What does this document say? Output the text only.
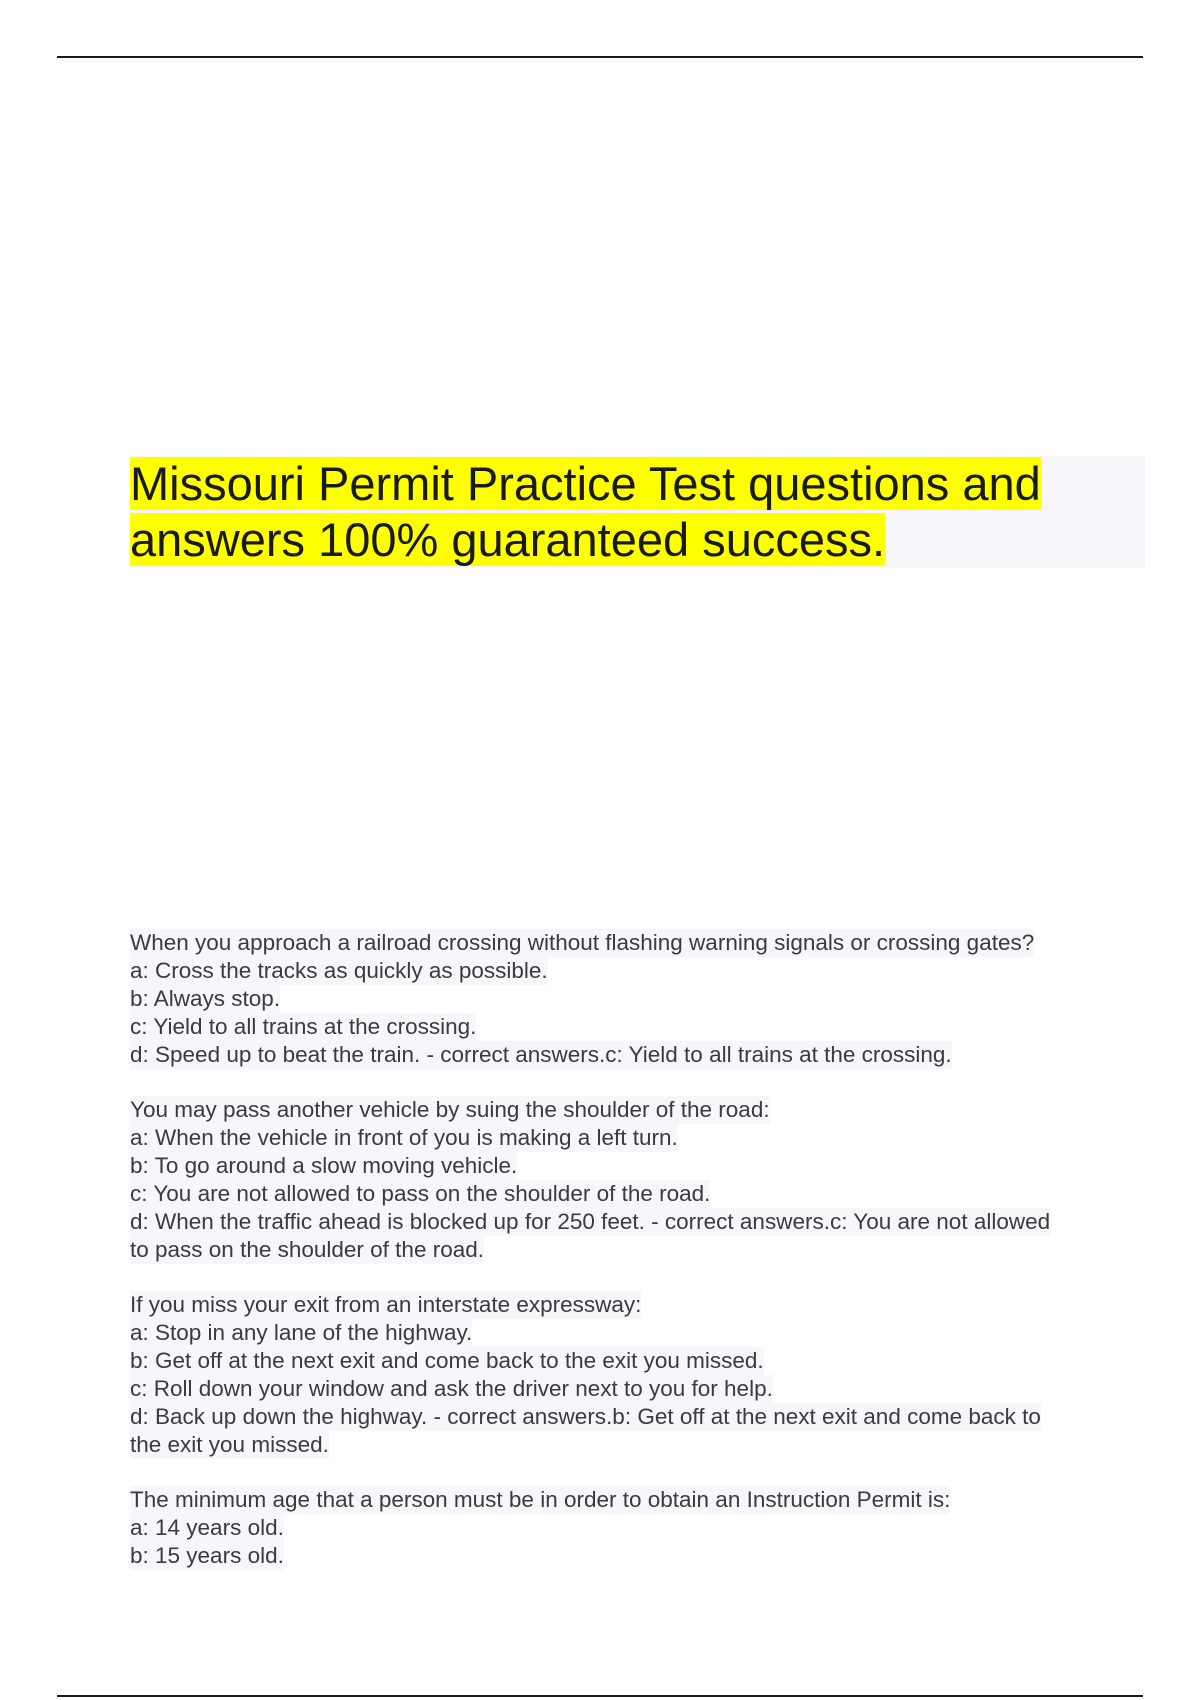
Missouri Permit Practice Test questions and
answers 100% guaranteed success.
When you approach a railroad crossing without flashing warning signals or crossing gates?
a: Cross the tracks as quickly as possible.
b: Always stop.
c: Yield to all trains at the crossing.
d: Speed up to beat the train. - correct answers.c: Yield to all trains at the crossing.
You may pass another vehicle by suing the shoulder of the road:
a: When the vehicle in front of you is making a left turn.
b: To go around a slow moving vehicle.
c: You are not allowed to pass on the shoulder of the road.
d: When the traffic ahead is blocked up for 250 feet. - correct answers.c: You are not allowed
to pass on the shoulder of the road.
If you miss your exit from an interstate expressway:
a: Stop in any lane of the highway.
b: Get off at the next exit and come back to the exit you missed.
c: Roll down your window and ask the driver next to you for help.
d: Back up down the highway. - correct answers.b: Get off at the next exit and come back to
the exit you missed.
The minimum age that a person must be in order to obtain an Instruction Permit is:
a: 14 years old.
b: 15 years old.
